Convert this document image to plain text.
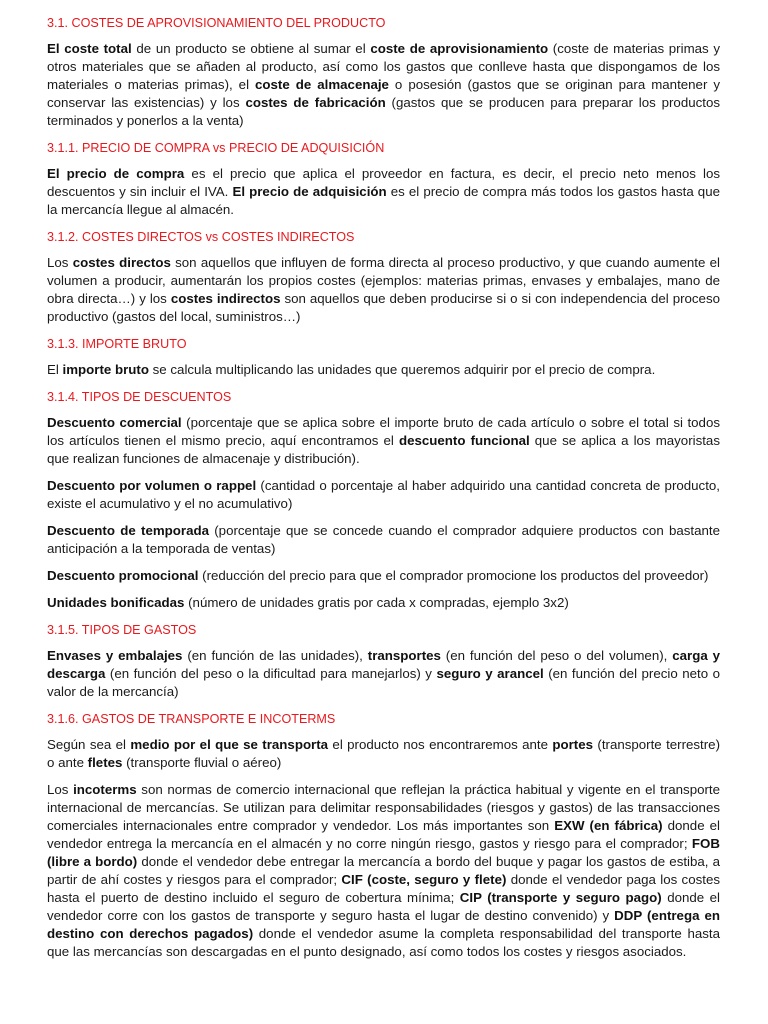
3.1. COSTES DE APROVISIONAMIENTO DEL PRODUCTO

El coste total de un producto se obtiene al sumar el coste de aprovisionamiento (coste de materias primas y otros materiales que se añaden al producto, así como los gastos que conlleve hasta que dispongamos de los materiales o materias primas), el coste de almacenaje o posesión (gastos que se originan para mantener y conservar las existencias) y los costes de fabricación (gastos que se producen para preparar los productos terminados y ponerlos a la venta)

3.1.1. PRECIO DE COMPRA vs PRECIO DE ADQUISICIÓN

El precio de compra es el precio que aplica el proveedor en factura, es decir, el precio neto menos los descuentos y sin incluir el IVA. El precio de adquisición es el precio de compra más todos los gastos hasta que la mercancía llegue al almacén.

3.1.2. COSTES DIRECTOS vs COSTES INDIRECTOS

Los costes directos son aquellos que influyen de forma directa al proceso productivo, y que cuando aumente el volumen a producir, aumentarán los propios costes (ejemplos: materias primas, envases y embalajes, mano de obra directa…) y los costes indirectos son aquellos que deben producirse si o si con independencia del proceso productivo (gastos del local, suministros…)

3.1.3. IMPORTE BRUTO

El importe bruto se calcula multiplicando las unidades que queremos adquirir por el precio de compra.

3.1.4. TIPOS DE DESCUENTOS

Descuento comercial (porcentaje que se aplica sobre el importe bruto de cada artículo o sobre el total si todos los artículos tienen el mismo precio, aquí encontramos el descuento funcional que se aplica a los mayoristas que realizan funciones de almacenaje y distribución).

Descuento por volumen o rappel (cantidad o porcentaje al haber adquirido una cantidad concreta de producto, existe el acumulativo y el no acumulativo)

Descuento de temporada (porcentaje que se concede cuando el comprador adquiere productos con bastante anticipación a la temporada de ventas)

Descuento promocional (reducción del precio para que el comprador promocione los productos del proveedor)

Unidades bonificadas (número de unidades gratis por cada x compradas, ejemplo 3x2)

3.1.5. TIPOS DE GASTOS

Envases y embalajes (en función de las unidades), transportes (en función del peso o del volumen), carga y descarga (en función del peso o la dificultad para manejarlos) y seguro y arancel (en función del precio neto o valor de la mercancía)

3.1.6. GASTOS DE TRANSPORTE E INCOTERMS

Según sea el medio por el que se transporta el producto nos encontraremos ante portes (transporte terrestre) o ante fletes (transporte fluvial o aéreo)

Los incoterms son normas de comercio internacional que reflejan la práctica habitual y vigente en el transporte internacional de mercancías. Se utilizan para delimitar responsabilidades (riesgos y gastos) de las transacciones comerciales internacionales entre comprador y vendedor. Los más importantes son EXW (en fábrica) donde el vendedor entrega la mercancía en el almacén y no corre ningún riesgo, gastos y riesgo para el comprador; FOB (libre a bordo) donde el vendedor debe entregar la mercancía a bordo del buque y pagar los gastos de estiba, a partir de ahí costes y riesgos para el comprador; CIF (coste, seguro y flete) donde el vendedor paga los costes hasta el puerto de destino incluido el seguro de cobertura mínima; CIP (transporte y seguro pago) donde el vendedor corre con los gastos de transporte y seguro hasta el lugar de destino convenido) y DDP (entrega en destino con derechos pagados) donde el vendedor asume la completa responsabilidad del transporte hasta que las mercancías son descargadas en el punto designado, así como todos los costes y riesgos asociados.
